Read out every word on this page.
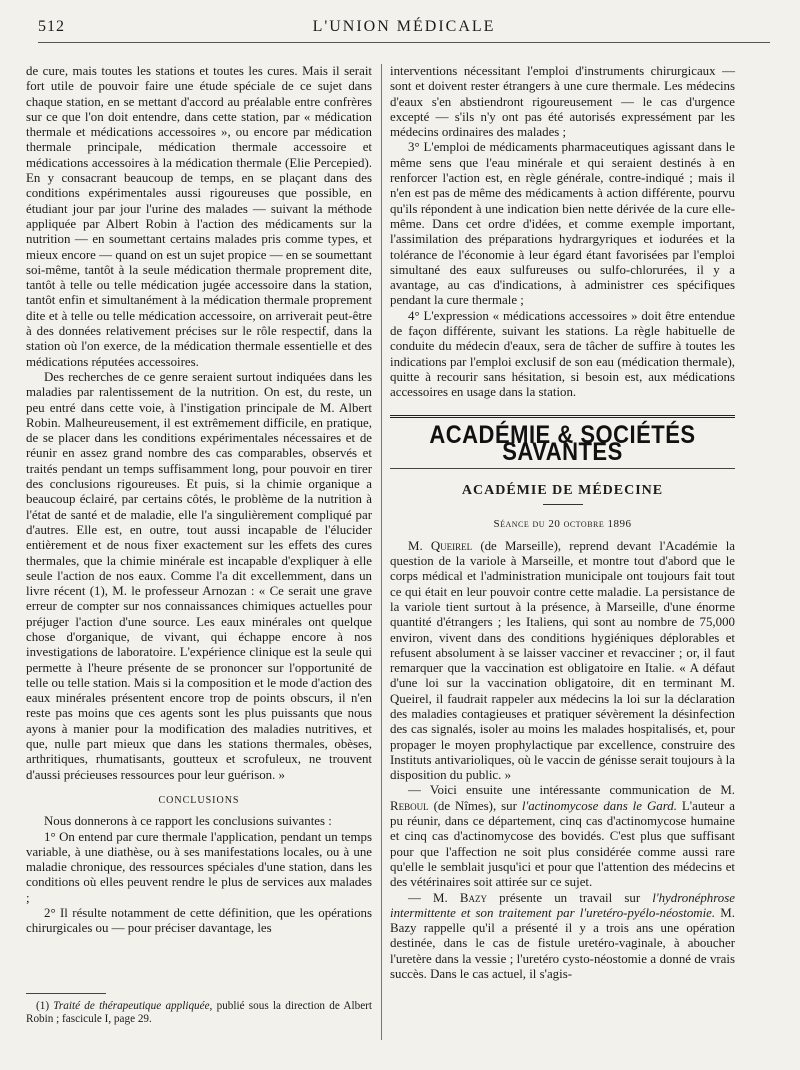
512	L'UNION MÉDICALE

de cure, mais toutes les stations et toutes les cures. Mais il serait fort utile de pouvoir faire une étude spéciale de ce sujet dans chaque station, en se mettant d'accord au préalable entre confrères sur ce que l'on doit entendre, dans cette station, par « médication thermale et médications accessoires », ou encore par médication thermale principale, médication thermale accessoire et médications accessoires à la médication thermale (Elie Percepied). En y consacrant beaucoup de temps, en se plaçant dans des conditions expérimentales aussi rigoureuses que possible, en étudiant jour par jour l'urine des malades — suivant la méthode appliquée par Albert Robin à l'action des médicaments sur la nutrition — en soumettant certains malades pris comme types, et mieux encore — quand on est un sujet propice — en se soumettant soi-même, tantôt à la seule médication thermale proprement dite, tantôt à telle ou telle médication jugée accessoire dans la station, tantôt enfin et simultanément à la médication thermale proprement dite et à telle ou telle médication accessoire, on arriverait peut-être à des données relativement précises sur le rôle respectif, dans la station où l'on exerce, de la médication thermale essentielle et des médications réputées accessoires.

Des recherches de ce genre seraient surtout indiquées dans les maladies par ralentissement de la nutrition. On est, du reste, un peu entré dans cette voie, à l'instigation principale de M. Albert Robin. Malheureusement, il est extrêmement difficile, en pratique, de se placer dans les conditions expérimentales nécessaires et de réunir en assez grand nombre des cas comparables, observés et traités pendant un temps suffisamment long, pour pouvoir en tirer des conclusions rigoureuses. Et puis, si la chimie organique a beaucoup éclairé, par certains côtés, le problème de la nutrition à l'état de santé et de maladie, elle l'a singulièrement compliqué par d'autres. Elle est, en outre, tout aussi incapable de l'élucider entièrement et de nous fixer exactement sur les effets des cures thermales, que la chimie minérale est incapable d'expliquer à elle seule l'action de nos eaux. Comme l'a dit excellemment, dans un livre récent (1), M. le professeur Arnozan : « Ce serait une grave erreur de compter sur nos connaissances chimiques actuelles pour préjuger l'action d'une source. Les eaux minérales ont quelque chose d'organique, de vivant, qui échappe encore à nos investigations de laboratoire. L'expérience clinique est la seule qui permette à l'heure présente de se prononcer sur l'opportunité de telle ou telle station. Mais si la composition et le mode d'action des eaux minérales présentent encore trop de points obscurs, il n'en reste pas moins que ces agents sont les plus puissants que nous ayons à manier pour la modification des maladies nutritives, et que, nulle part mieux que dans les stations thermales, obèses, arthritiques, rhumatisants, goutteux et scrofuleux, ne trouvent d'aussi précieuses ressources pour leur guérison. »

CONCLUSIONS

Nous donnerons à ce rapport les conclusions suivantes :

1° On entend par cure thermale l'application, pendant un temps variable, à une diathèse, ou à ses manifestations locales, ou à une maladie chronique, des ressources spéciales d'une station, dans les conditions où elles peuvent rendre le plus de services aux malades ;

2° Il résulte notamment de cette définition, que les opérations chirurgicales ou — pour préciser davantage, les

(1) Traité de thérapeutique appliquée, publié sous la direction de Albert Robin ; fascicule I, page 29.

interventions nécessitant l'emploi d'instruments chirurgicaux — sont et doivent rester étrangers à une cure thermale. Les médecins d'eaux s'en abstiendront rigoureusement — le cas d'urgence excepté — s'ils n'y ont pas été autorisés expressément par les médecins ordinaires des malades ;

3° L'emploi de médicaments pharmaceutiques agissant dans le même sens que l'eau minérale et qui seraient destinés à en renforcer l'action est, en règle générale, contre-indiqué ; mais il n'en est pas de même des médicaments à action différente, pourvu qu'ils répondent à une indication bien nette dérivée de la cure elle-même. Dans cet ordre d'idées, et comme exemple important, l'assimilation des préparations hydrargyriques et iodurées et la tolérance de l'économie à leur égard étant favorisées par l'emploi simultané des eaux sulfureuses ou sulfo-chlorurées, il y a avantage, au cas d'indications, à administrer ces spécifiques pendant la cure thermale ;

4° L'expression « médications accessoires » doit être entendue de façon différente, suivant les stations. La règle habituelle de conduite du médecin d'eaux, sera de tâcher de suffire à toutes les indications par l'emploi exclusif de son eau (médication thermale), quitte à recourir sans hésitation, si besoin est, aux médications accessoires en usage dans la station.

ACADÉMIE & SOCIÉTÉS SAVANTES
ACADÉMIE DE MÉDECINE
Séance du 20 octobre 1896

M. Queirel (de Marseille), reprend devant l'Académie la question de la variole à Marseille, et montre tout d'abord que le corps médical et l'administration municipale ont toujours fait tout ce qui était en leur pouvoir contre cette maladie. La persistance de la variole tient surtout à la présence, à Marseille, d'une énorme quantité d'étrangers ; les Italiens, qui sont au nombre de 75,000 environ, vivent dans des conditions hygiéniques déplorables et refusent absolument à se laisser vacciner et revacciner ; or, il faut remarquer que la vaccination est obligatoire en Italie. « A défaut d'une loi sur la vaccination obligatoire, dit en terminant M. Queirel, il faudrait rappeler aux médecins la loi sur la déclaration des maladies contagieuses et pratiquer sévèrement la désinfection des cas signalés, isoler au moins les malades hospitalisés, et, pour propager le moyen prophylactique par excellence, construire des Instituts antivarioliques, où le vaccin de génisse serait toujours à la disposition du public. »

— Voici ensuite une intéressante communication de M. Reboul (de Nîmes), sur l'actinomycose dans le Gard. L'auteur a pu réunir, dans ce département, cinq cas d'actinomycose humaine et cinq cas d'actinomycose des bovidés. C'est plus que suffisant pour que l'affection ne soit plus considérée comme aussi rare qu'elle le semblait jusqu'ici et pour que l'attention des médecins et des vétérinaires soit attirée sur ce sujet.

— M. Bazy présente un travail sur l'hydronéphrose intermittente et son traitement par l'uretéro-pyélo-néostomie. M. Bazy rappelle qu'il a présenté il y a trois ans une opération destinée, dans le cas de fistule uretéro-vaginale, à aboucher l'uretère dans la vessie ; l'uretéro cysto-néostomie a donné de vrais succès. Dans le cas actuel, il s'agis-
